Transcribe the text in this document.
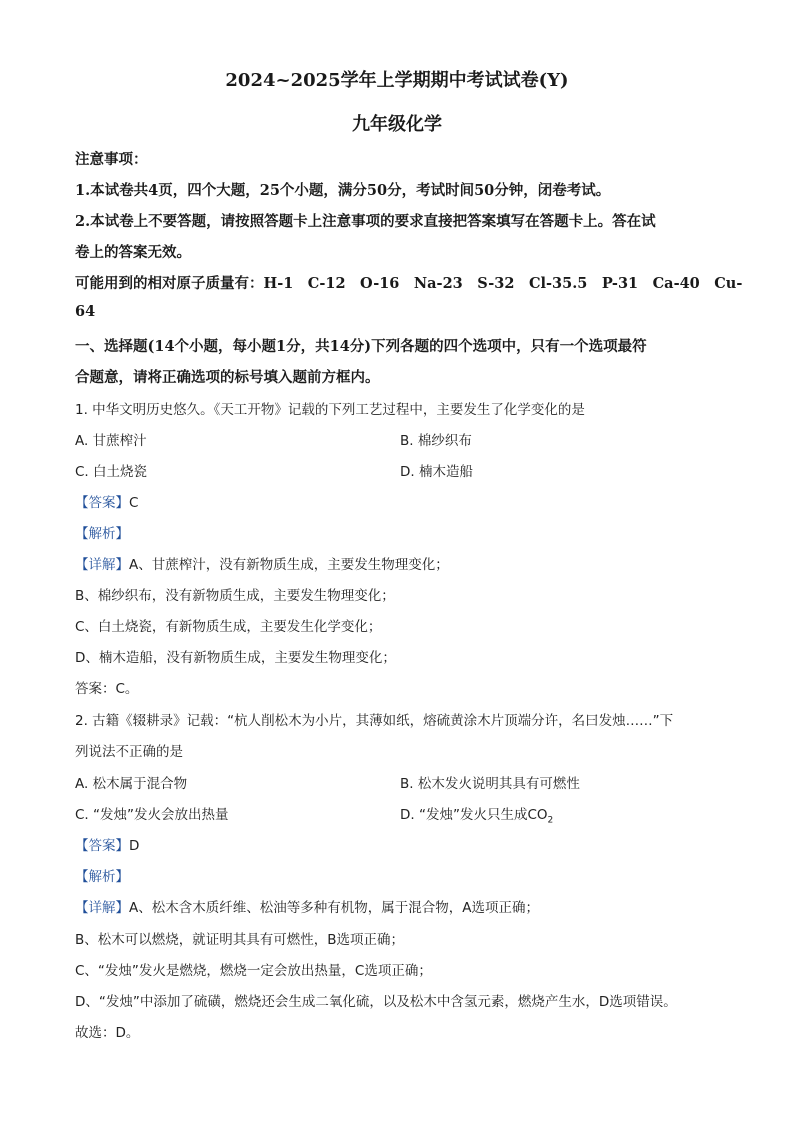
2024~2025学年上学期期中考试试卷(Y)
九年级化学
注意事项：
1.本试卷共4页，四个大题，25个小题，满分50分，考试时间50分钟，闭卷考试。
2.本试卷上不要答题，请按照答题卡上注意事项的要求直接把答案填写在答题卡上。答在试
卷上的答案无效。
可能用到的相对原子质量有：H-1　C-12　O-16　Na-23　S-32　Cl-35.5　P-31　Ca-40　Cu-
64
一、选择题(14个小题，每小题1分，共14分)下列各题的四个选项中，只有一个选项最符
合题意，请将正确选项的标号填入题前方框内。
1. 中华文明历史悠久。《天工开物》记载的下列工艺过程中，主要发生了化学变化的是
A. 甘蔗榨汁	B. 棉纱织布
C. 白土烧瓷	D. 楠木造船
【答案】C
【解析】
【详解】A、甘蔗榨汁，没有新物质生成，主要发生物理变化；
B、棉纱织布，没有新物质生成，主要发生物理变化；
C、白土烧瓷，有新物质生成，主要发生化学变化；
D、楠木造船，没有新物质生成，主要发生物理变化；
答案：C。
2. 古籍《辍耕录》记载：“杭人削松木为小片，其薄如纸，熔硫黄涂木片顶端分许，名曰发烛……”下
列说法不正确的是
A. 松木属于混合物	B. 松木发火说明其具有可燃性
C. “发烛”发火会放出热量	D. “发烛”发火只生成$CO_2$
【答案】D
【解析】
【详解】A、松木含木质纤维、松油等多种有机物，属于混合物，A选项正确；
B、松木可以燃烧，就证明其具有可燃性，B选项正确；
C、“发烛”发火是燃烧，燃烧一定会放出热量，C选项正确；
D、“发烛”中添加了硫磺，燃烧还会生成二氧化硫，以及松木中含氢元素，燃烧产生水，D选项错误。
故选：D。
